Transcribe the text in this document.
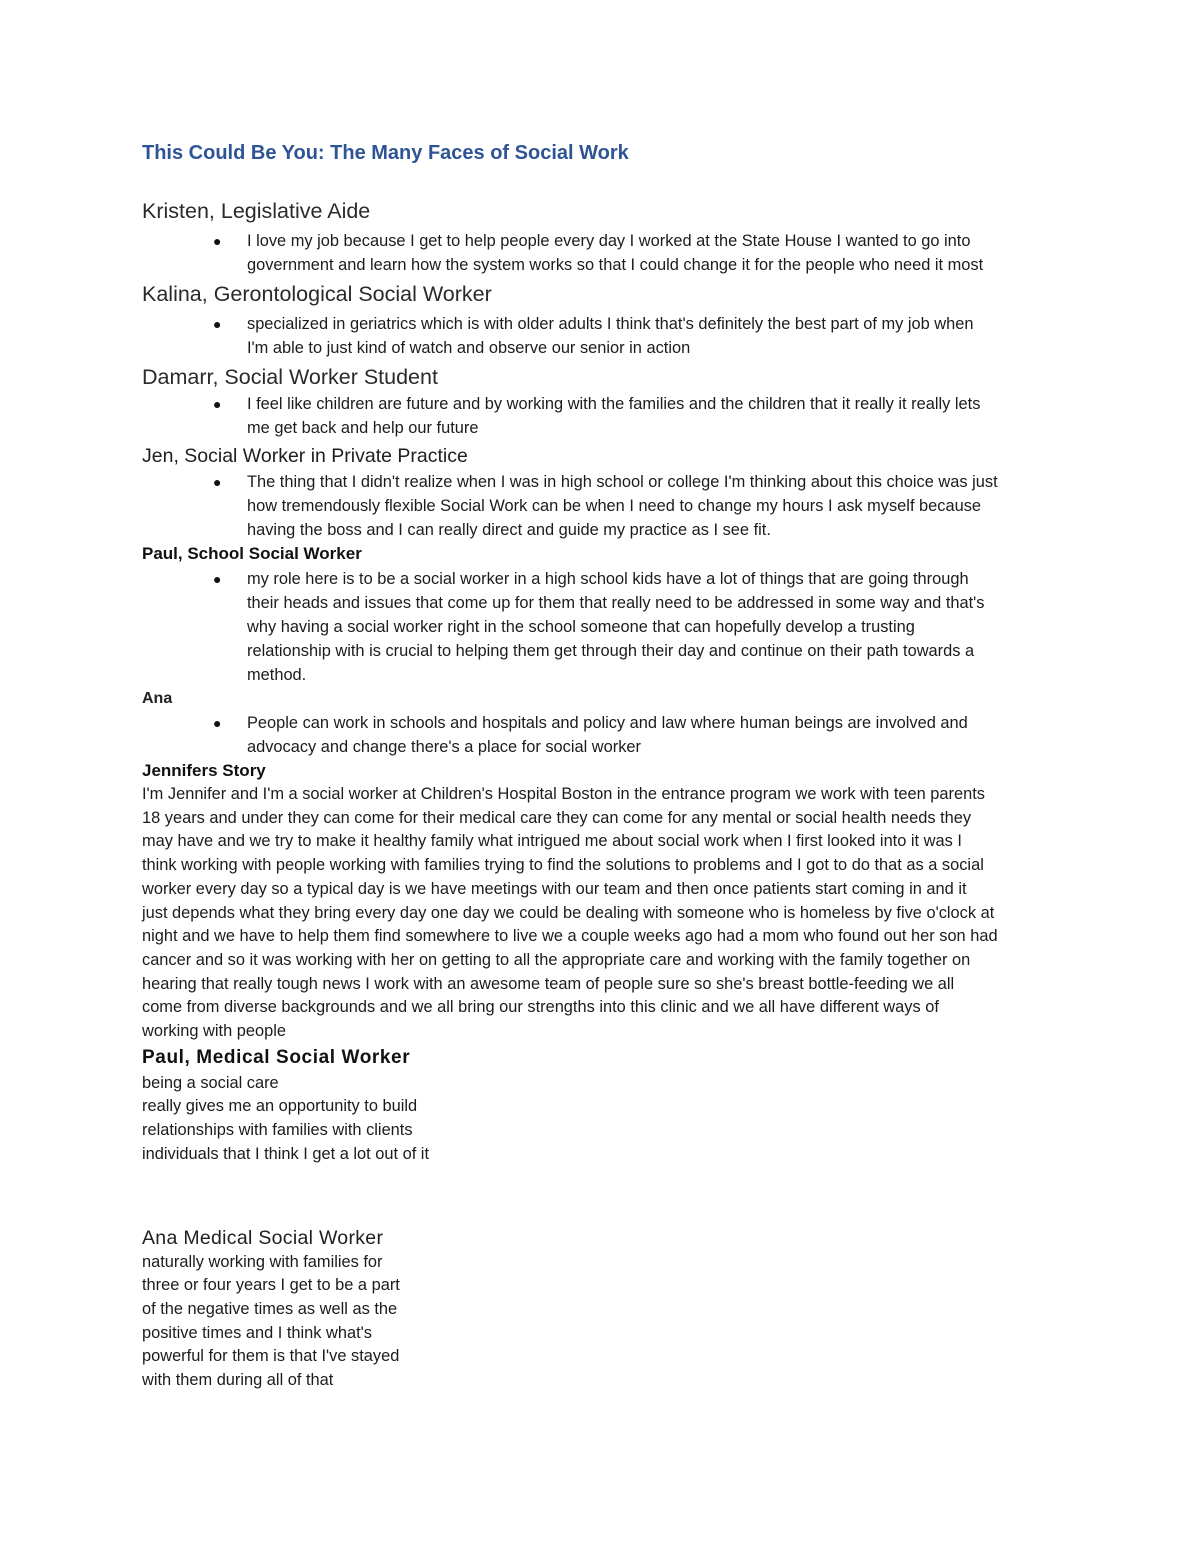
This Could Be You: The Many Faces of Social Work
Kristen, Legislative Aide
● I love my job because I get to help people every day I worked at the State House I wanted to go into
government and learn how the system works so that I could change it for the people who need it most
Kalina, Gerontological Social Worker
● specialized in geriatrics which is with older adults I think that's definitely the best part of my job when
I'm able to just kind of watch and observe our senior in action
Damarr, Social Worker Student
● I feel like children are future and by working with the families and the children that it really it really lets
me get back and help our future
Jen, Social Worker in Private Practice
● The thing that I didn't realize when I was in high school or college I'm thinking about this choice was just
how tremendously flexible Social Work can be when I need to change my hours I ask myself because
having the boss and I can really direct and guide my practice as I see fit.
Paul, School Social Worker
● my role here is to be a social worker in a high school kids have a lot of things that are going through
their heads and issues that come up for them that really need to be addressed in some way and that's
why having a social worker right in the school someone that can hopefully develop a trusting
relationship with is crucial to helping them get through their day and continue on their path towards a
method.
Ana
● People can work in schools and hospitals and policy and law where human beings are involved and
advocacy and change there's a place for social worker
Jennifers Story

I'm Jennifer and I'm a social worker at Children's Hospital Boston in the entrance program we work with teen parents
18 years and under they can come for their medical care they can come for any mental or social health needs they
may have and we try to make it healthy family what intrigued me about social work when I first looked into it was I
think working with people working with families trying to find the solutions to problems and I got to do that as a social
worker every day so a typical day is we have meetings with our team and then once patients start coming in and it
just depends what they bring every day one day we could be dealing with someone who is homeless by five o'clock at
night and we have to help them find somewhere to live we a couple weeks ago had a mom who found out her son had
cancer and so it was working with her on getting to all the appropriate care and working with the family together on
hearing that really tough news I work with an awesome team of people sure so she's breast bottle-feeding we all
come from diverse backgrounds and we all bring our strengths into this clinic and we all have different ways of
working with people

Paul, Medical Social Worker

being a social care
really gives me an opportunity to build
relationships with families with clients
individuals that I think I get a lot out of it

Ana Medical Social Worker

naturally working with families for
three or four years I get to be a part
of the negative times as well as the
positive times and I think what's
powerful for them is that I've stayed
with them during all of that
